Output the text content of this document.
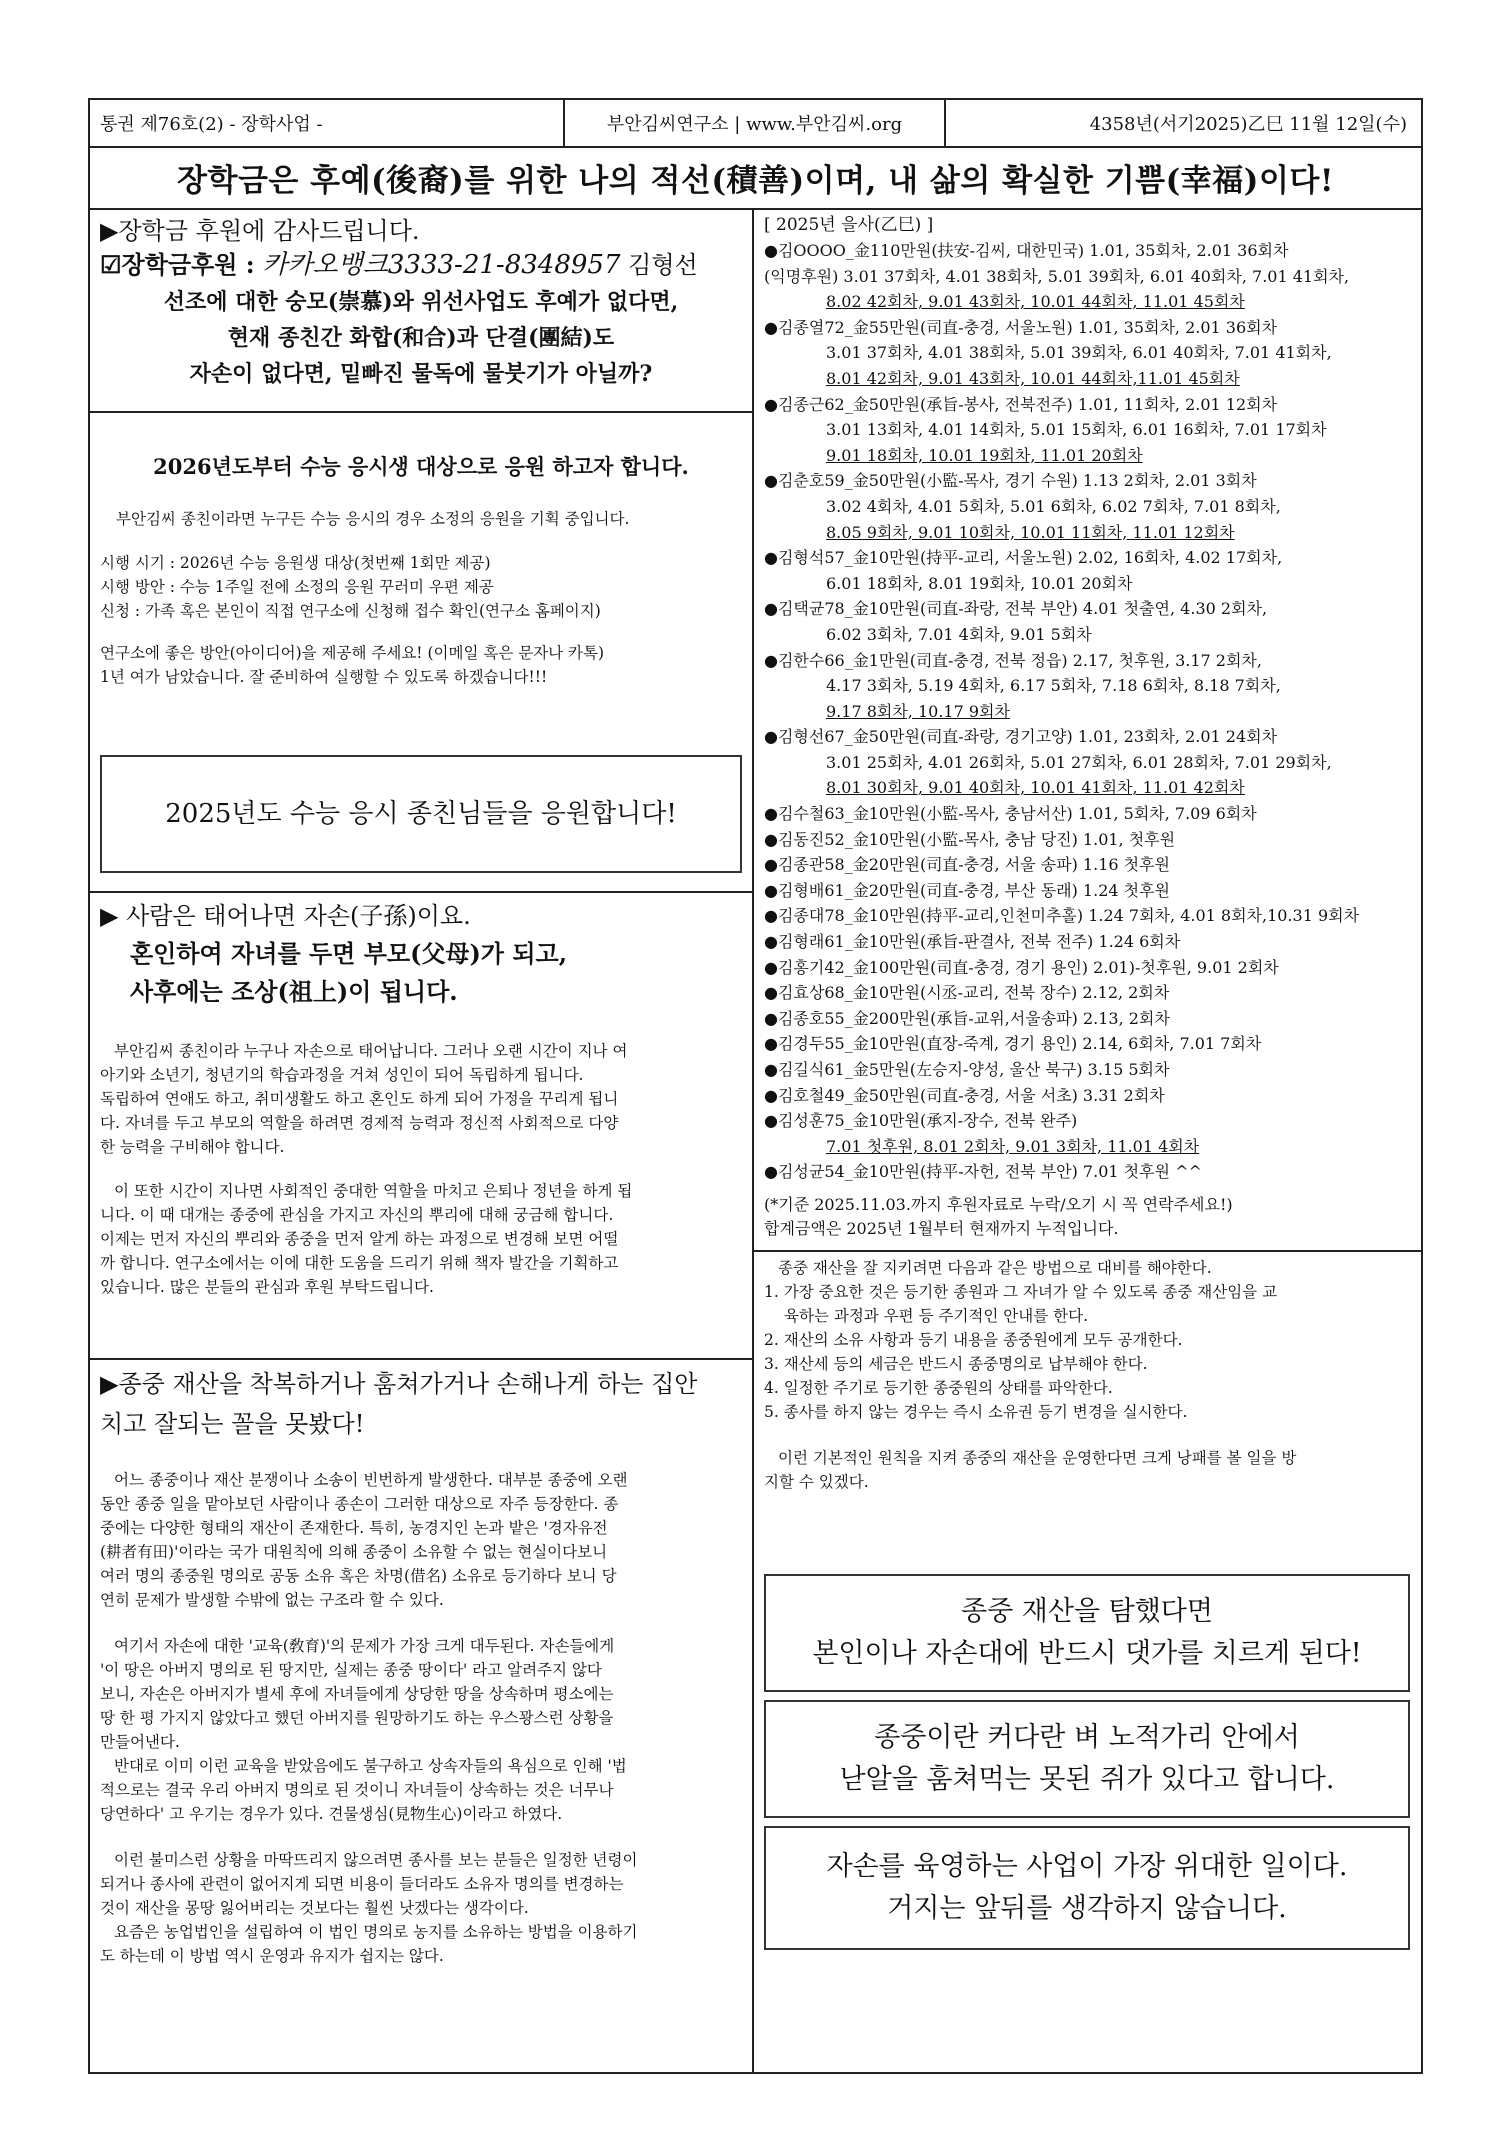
통권 제76호(2) - 장학사업 -	부안김씨연구소 | www.부안김씨.org	4358년(서기2025)乙巳 11월 12일(수)
장학금은 후예(後裔)를 위한 나의 적선(積善)이며, 내 삶의 확실한 기쁨(幸福)이다!
▶장학금 후원에 감사드립니다.
☑장학금후원 : 카카오뱅크3333-21-8348957 김형선
선조에 대한 숭모(崇慕)와 위선사업도 후예가 없다면,
현재 종친간 화합(和合)과 단결(團結)도
자손이 없다면, 밑빠진 물독에 물붓기가 아닐까?
2026년도부터 수능 응시생 대상으로 응원 하고자 합니다.
부안김씨 종친이라면 누구든 수능 응시의 경우 소정의 응원을 기획 중입니다.
시행 시기 : 2026년 수능 응원생 대상(첫번째 1회만 제공)
시행 방안 : 수능 1주일 전에 소정의 응원 꾸러미 우편 제공
신청 : 가족 혹은 본인이 직접 연구소에 신청해 접수 확인(연구소 홈페이지)
연구소에 좋은 방안(아이디어)을 제공해 주세요! (이메일 혹은 문자나 카톡)
1년 여가 남았습니다. 잘 준비하여 실행할 수 있도록 하겠습니다!!!
2025년도 수능 응시 종친님들을 응원합니다!
▶ 사람은 태어나면 자손(子孫)이요.
혼인하여 자녀를 두면 부모(父母)가 되고,
사후에는 조상(祖上)이 됩니다.
부안김씨 종친이라 누구나 자손으로 태어납니다. 그러나 오랜 시간이 지나 여
아기와 소년기, 청년기의 학습과정을 거쳐 성인이 되어 독립하게 됩니다.
독립하여 연애도 하고, 취미생활도 하고 혼인도 하게 되어 가정을 꾸리게 됩니
다. 자녀를 두고 부모의 역할을 하려면 경제적 능력과 정신적 사회적으로 다양
한 능력을 구비해야 합니다.
이 또한 시간이 지나면 사회적인 중대한 역할을 마치고 은퇴나 정년을 하게 됩
니다. 이 때 대개는 종중에 관심을 가지고 자신의 뿌리에 대해 궁금해 합니다.
이제는 먼저 자신의 뿌리와 종중을 먼저 알게 하는 과정으로 변경해 보면 어떨
까 합니다. 연구소에서는 이에 대한 도움을 드리기 위해 책자 발간을 기획하고
있습니다. 많은 분들의 관심과 후원 부탁드립니다.
▶종중 재산을 착복하거나 훔쳐가거나 손해나게 하는 집안
치고 잘되는 꼴을 못봤다!
어느 종중이나 재산 분쟁이나 소송이 빈번하게 발생한다. 대부분 종중에 오랜
동안 종중 일을 맡아보던 사람이나 종손이 그러한 대상으로 자주 등장한다. 종
중에는 다양한 형태의 재산이 존재한다. 특히, 농경지인 논과 밭은 '경자유전
(耕者有田)'이라는 국가 대원칙에 의해 종중이 소유할 수 없는 현실이다보니
여러 명의 종중원 명의로 공동 소유 혹은 차명(借名) 소유로 등기하다 보니 당
연히 문제가 발생할 수밖에 없는 구조라 할 수 있다.
여기서 자손에 대한 '교육(敎育)'의 문제가 가장 크게 대두된다. 자손들에게
'이 땅은 아버지 명의로 된 땅지만, 실제는 종중 땅이다' 라고 알려주지 않다
보니, 자손은 아버지가 별세 후에 자녀들에게 상당한 땅을 상속하며 평소에는
땅 한 평 가지지 않았다고 했던 아버지를 원망하기도 하는 우스꽝스런 상황을
만들어낸다.
반대로 이미 이런 교육을 받았음에도 불구하고 상속자들의 욕심으로 인해 '법
적으로는 결국 우리 아버지 명의로 된 것이니 자녀들이 상속하는 것은 너무나
당연하다' 고 우기는 경우가 있다. 견물생심(見物生心)이라고 하였다.
이런 불미스런 상황을 마딱뜨리지 않으려면 종사를 보는 분들은 일정한 년령이
되거나 종사에 관련이 없어지게 되면 비용이 들더라도 소유자 명의를 변경하는
것이 재산을 몽땅 잃어버리는 것보다는 훨씬 낫겠다는 생각이다.
요즘은 농업법인을 설립하여 이 법인 명의로 농지를 소유하는 방법을 이용하기
도 하는데 이 방법 역시 운영과 유지가 쉽지는 않다.
[ 2025년 을사(乙巳) ]
●김OOOO_金110만원(扶安-김씨, 대한민국) 1.01, 35회차, 2.01 36회차
(익명후원) 3.01 37회차, 4.01 38회차, 5.01 39회차, 6.01 40회차, 7.01 41회차,
8.02 42회차, 9.01 43회차, 10.01 44회차, 11.01 45회차
●김종열72_金55만원(司直-충경, 서울노원) 1.01, 35회차, 2.01 36회차
3.01 37회차, 4.01 38회차, 5.01 39회차, 6.01 40회차, 7.01 41회차,
8.01 42회차, 9.01 43회차, 10.01 44회차,11.01 45회차
●김종근62_金50만원(承旨-봉사, 전북전주) 1.01, 11회차, 2.01 12회차
3.01 13회차, 4.01 14회차, 5.01 15회차, 6.01 16회차, 7.01 17회차
9.01 18회차, 10.01 19회차, 11.01 20회차
●김춘호59_金50만원(小監-목사, 경기 수원) 1.13 2회차, 2.01 3회차
3.02 4회차, 4.01 5회차, 5.01 6회차, 6.02 7회차, 7.01 8회차,
8.05 9회차, 9.01 10회차, 10.01 11회차, 11.01 12회차
●김형석57_金10만원(持平-교리, 서울노원) 2.02, 16회차, 4.02 17회차,
6.01 18회차, 8.01 19회차, 10.01 20회차
●김택균78_金10만원(司直-좌랑, 전북 부안) 4.01 첫출연, 4.30 2회차,
6.02 3회차, 7.01 4회차, 9.01 5회차
●김한수66_金1만원(司直-충경, 전북 정읍) 2.17, 첫후원, 3.17 2회차,
4.17 3회차, 5.19 4회차, 6.17 5회차, 7.18 6회차, 8.18 7회차,
9.17 8회차, 10.17 9회차
●김형선67_金50만원(司直-좌랑, 경기고양) 1.01, 23회차, 2.01 24회차
3.01 25회차, 4.01 26회차, 5.01 27회차, 6.01 28회차, 7.01 29회차,
8.01 30회차, 9.01 40회차, 10.01 41회차, 11.01 42회차
●김수철63_金10만원(小監-목사, 충남서산) 1.01, 5회차, 7.09 6회차
●김동진52_金10만원(小監-목사, 충남 당진) 1.01, 첫후원
●김종관58_金20만원(司直-충경, 서울 송파) 1.16 첫후원
●김형배61_金20만원(司直-충경, 부산 동래) 1.24 첫후원
●김종대78_金10만원(持平-교리,인천미추홀) 1.24 7회차, 4.01 8회차,10.31 9회차
●김형래61_金10만원(承旨-판결사, 전북 전주) 1.24 6회차
●김홍기42_金100만원(司直-충경, 경기 용인) 2.01)-첫후원, 9.01 2회차
●김효상68_金10만원(시丞-교리, 전북 장수) 2.12, 2회차
●김종호55_金200만원(承旨-교위,서울송파) 2.13, 2회차
●김경두55_金10만원(直장-죽계, 경기 용인) 2.14, 6회차, 7.01 7회차
●김길식61_金5만원(左승지-양성, 울산 북구) 3.15 5회차
●김호철49_金50만원(司直-충경, 서울 서초) 3.31 2회차
●김성훈75_金10만원(承지-장수, 전북 완주)
7.01 첫후원, 8.01 2회차, 9.01 3회차, 11.01 4회차
●김성균54_金10만원(持平-자헌, 전북 부안) 7.01 첫후원 ^^
(*기준 2025.11.03.까지 후원자료로 누락/오기 시 꼭 연락주세요!)
합계금액은 2025년 1월부터 현재까지 누적입니다.
종중 재산을 잘 지키려면 다음과 같은 방법으로 대비를 해야한다.
1. 가장 중요한 것은 등기한 종원과 그 자녀가 알 수 있도록 종중 재산임을 교
육하는 과정과 우편 등 주기적인 안내를 한다.
2. 재산의 소유 사항과 등기 내용을 종중원에게 모두 공개한다.
3. 재산세 등의 세금은 반드시 종중명의로 납부해야 한다.
4. 일정한 주기로 등기한 종중원의 상태를 파악한다.
5. 종사를 하지 않는 경우는 즉시 소유권 등기 변경을 실시한다.
이런 기본적인 원칙을 지켜 종중의 재산을 운영한다면 크게 낭패를 볼 일을 방
지할 수 있겠다.
종중 재산을 탐했다면
본인이나 자손대에 반드시 댓가를 치르게 된다!
종중이란 커다란 벼 노적가리 안에서
낟알을 훔쳐먹는 못된 쥐가 있다고 합니다.
자손를 육영하는 사업이 가장 위대한 일이다.
거지는 앞뒤를 생각하지 않습니다.
